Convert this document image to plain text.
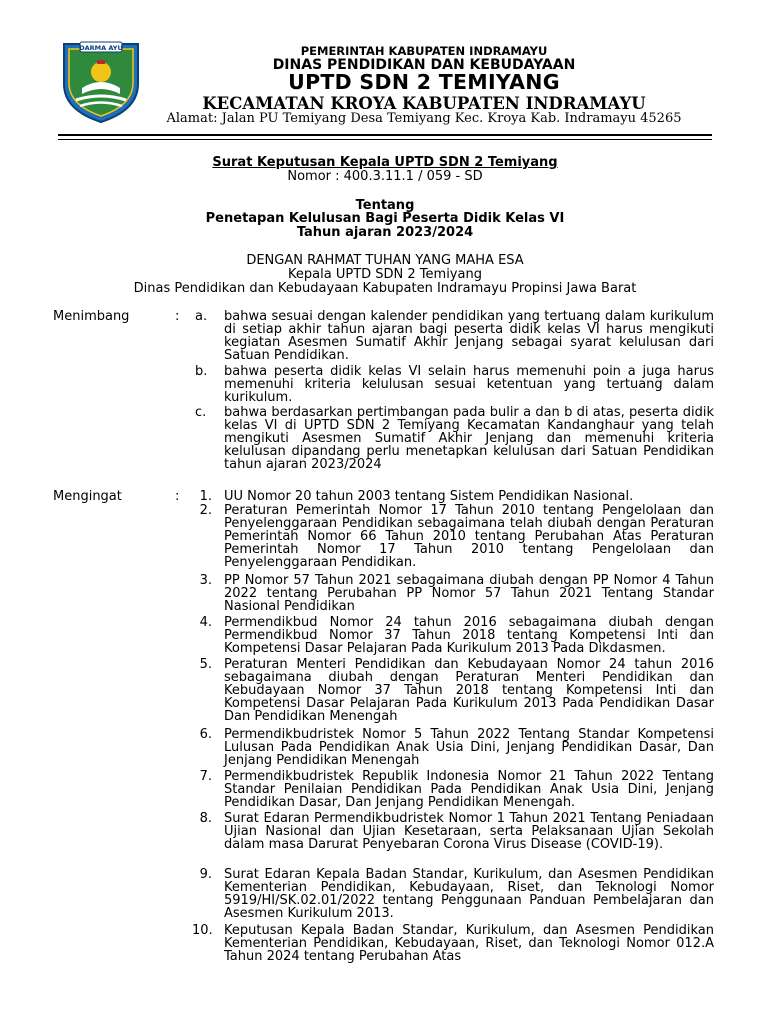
DARMA AYU	PEMERINTAH KABUPATEN INDRAMAYU
DINAS PENDIDIKAN DAN KEBUDAYAAN
UPTD SDN 2 TEMIYANG
KECAMATAN KROYA KABUPATEN INDRAMAYU
Alamat: Jalan PU Temiyang Desa Temiyang Kec. Kroya Kab. Indramayu 45265
Surat Keputusan Kepala UPTD SDN 2 Temiyang
Nomor : 400.3.11.1 / 059 - SD
Tentang
Penetapan Kelulusan Bagi Peserta Didik Kelas VI
Tahun ajaran 2023/2024
DENGAN RAHMAT TUHAN YANG MAHA ESA
Kepala UPTD SDN 2 Temiyang
Dinas Pendidikan dan Kebudayaan Kabupaten Indramayu Propinsi Jawa Barat
Menimbang	: a. bahwa sesuai dengan kalender pendidikan yang tertuang dalam kurikulum di setiap akhir tahun ajaran bagi peserta didik kelas VI harus mengikuti kegiatan Asesmen Sumatif Akhir Jenjang sebagai syarat kelulusan dari Satuan Pendidikan.
b. bahwa peserta didik kelas VI selain harus memenuhi poin a juga harus memenuhi kriteria kelulusan sesuai ketentuan yang tertuang dalam kurikulum.
c. bahwa berdasarkan pertimbangan pada bulir a dan b di atas, peserta didik kelas VI di UPTD SDN 2 Temiyang Kecamatan Kandanghaur yang telah mengikuti Asesmen Sumatif Akhir Jenjang dan memenuhi kriteria kelulusan dipandang perlu menetapkan kelulusan dari Satuan Pendidikan tahun ajaran 2023/2024
Mengingat	:	1. UU Nomor 20 tahun 2003 tentang Sistem Pendidikan Nasional.
2. Peraturan Pemerintah Nomor 17 Tahun 2010 tentang Pengelolaan dan Penyelenggaraan Pendidikan sebagaimana telah diubah dengan Peraturan Pemerintah Nomor 66 Tahun 2010 tentang Perubahan Atas Peraturan Pemerintah Nomor 17 Tahun 2010 tentang Pengelolaan dan Penyelenggaraan Pendidikan.
3. PP Nomor 57 Tahun 2021 sebagaimana diubah dengan PP Nomor 4 Tahun 2022 tentang Perubahan PP Nomor 57 Tahun 2021 Tentang Standar Nasional Pendidikan
4. Permendikbud Nomor 24 tahun 2016 sebagaimana diubah dengan Permendikbud Nomor 37 Tahun 2018 tentang Kompetensi Inti dan Kompetensi Dasar Pelajaran Pada Kurikulum 2013 Pada Dikdasmen.
5. Peraturan Menteri Pendidikan dan Kebudayaan Nomor 24 tahun 2016 sebagaimana diubah dengan Peraturan Menteri Pendidikan dan Kebudayaan Nomor 37 Tahun 2018 tentang Kompetensi Inti dan Kompetensi Dasar Pelajaran Pada Kurikulum 2013 Pada Pendidikan Dasar Dan Pendidikan Menengah
6. Permendikbudristek Nomor 5 Tahun 2022 Tentang Standar Kompetensi Lulusan Pada Pendidikan Anak Usia Dini, Jenjang Pendidikan Dasar, Dan Jenjang Pendidikan Menengah
7. Permendikbudristek Republik Indonesia Nomor 21 Tahun 2022 Tentang Standar Penilaian Pendidikan Pada Pendidikan Anak Usia Dini, Jenjang Pendidikan Dasar, Dan Jenjang Pendidikan Menengah.
8. Surat Edaran Permendikbudristek Nomor 1 Tahun 2021 Tentang Peniadaan Ujian Nasional dan Ujian Kesetaraan, serta Pelaksanaan Ujian Sekolah dalam masa Darurat Penyebaran Corona Virus Disease (COVID-19).
9. Surat Edaran Kepala Badan Standar, Kurikulum, dan Asesmen Pendidikan Kementerian Pendidikan, Kebudayaan, Riset, dan Teknologi Nomor 5919/HI/SK.02.01/2022 tentang Penggunaan Panduan Pembelajaran dan Asesmen Kurikulum 2013.
10. Keputusan Kepala Badan Standar, Kurikulum, dan Asesmen Pendidikan Kementerian Pendidikan, Kebudayaan, Riset, dan Teknologi Nomor 012.A Tahun 2024 tentang Perubahan Atas
